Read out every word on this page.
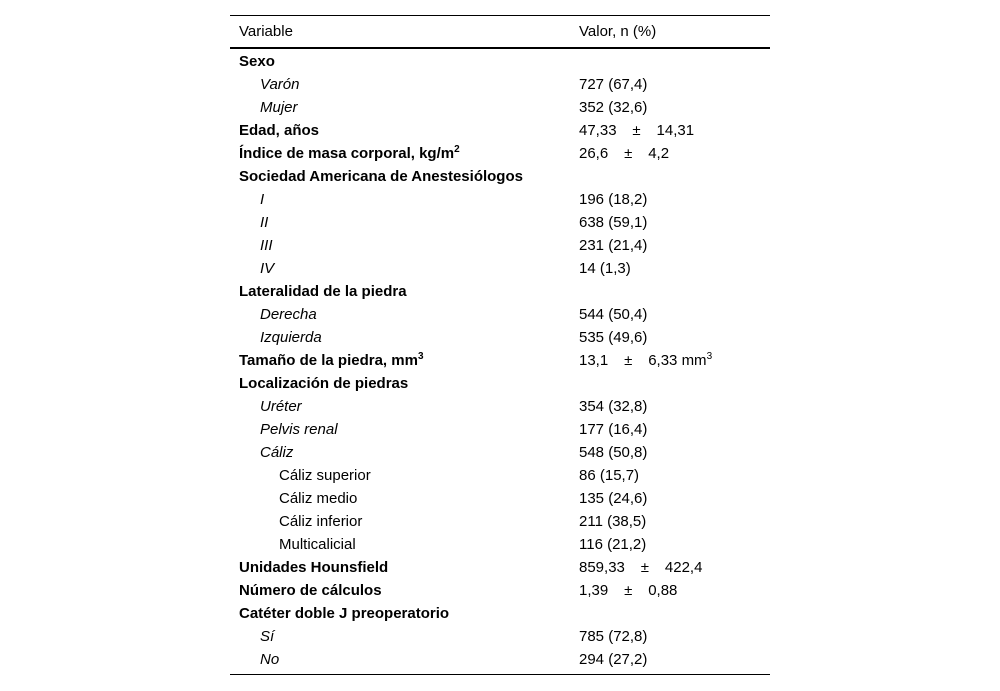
Variable	Valor, n (%)
Sexo
Varón	727 (67,4)
Mujer	352 (32,6)
Edad, años	47,33 ± 14,31
Índice de masa corporal, $kg/m^2$	26,6 ± 4,2
Sociedad Americana de Anestesiólogos
I	196 (18,2)
II	638 (59,1)
III	231 (21,4)
IV	14 (1,3)
Lateralidad de la piedra
Derecha	544 (50,4)
Izquierda	535 (49,6)
Tamaño de la piedra, $mm^3$	13,1 ± 6,33 $mm^3$
Localización de piedras
Uréter	354 (32,8)
Pelvis renal	177 (16,4)
Cáliz	548 (50,8)
Cáliz superior	86 (15,7)
Cáliz medio	135 (24,6)
Cáliz inferior	211 (38,5)
Multicalicial	116 (21,2)
Unidades Hounsfield	859,33 ± 422,4
Número de cálculos	1,39 ± 0,88
Catéter doble J preoperatorio
Sí	785 (72,8)
No	294 (27,2)
